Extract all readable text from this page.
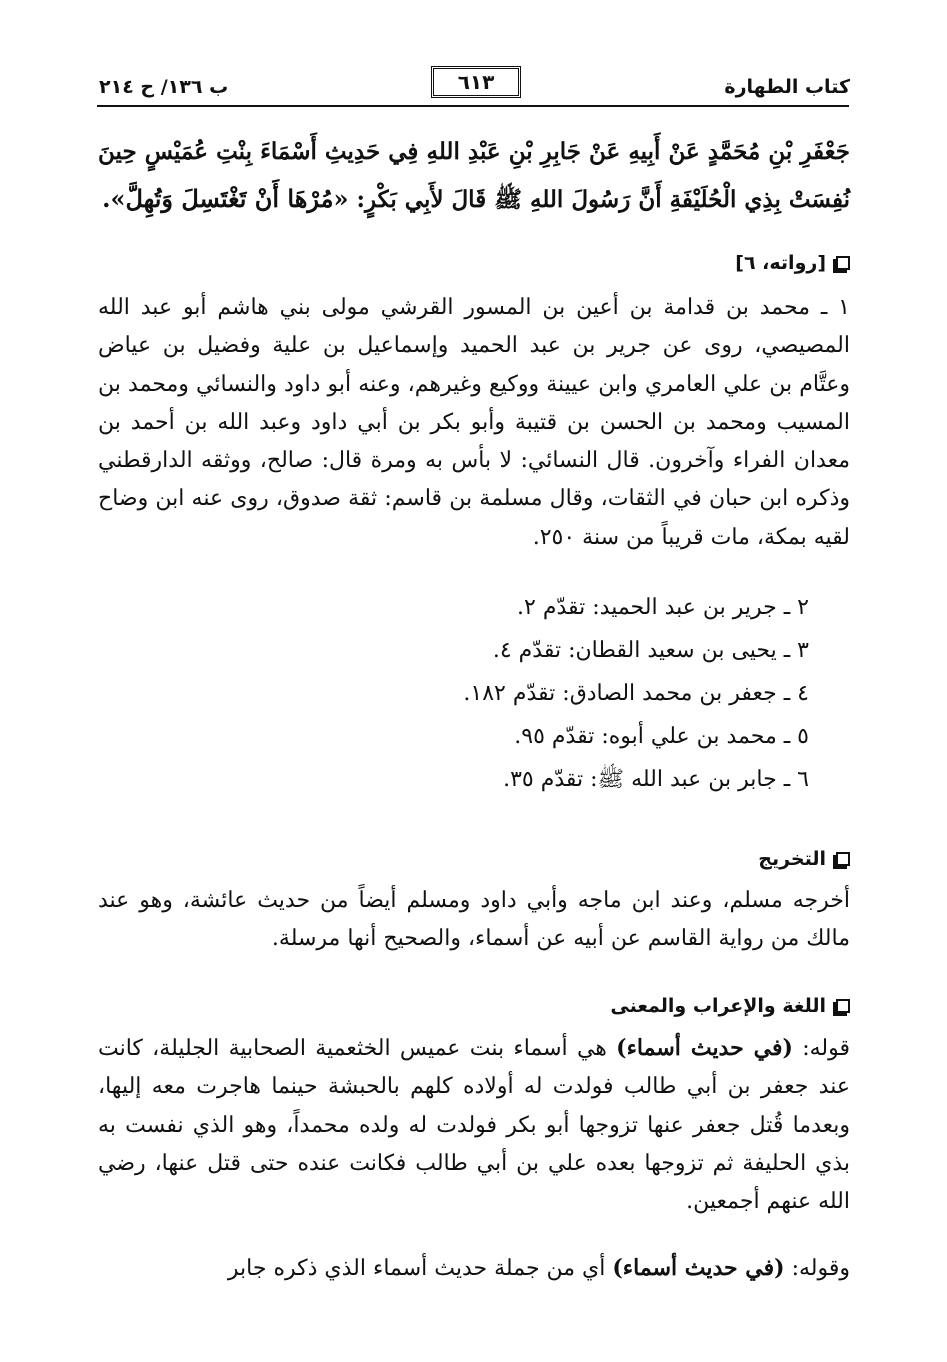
كتاب الطهارة
٦١٣
ب ١٣٦/ ح ٢١٤
جَعْفَرِ بْنِ مُحَمَّدٍ عَنْ أَبِيهِ عَنْ جَابِرِ بْنِ عَبْدِ اللهِ فِي حَدِيثِ أَسْمَاءَ بِنْتِ عُمَيْسٍ حِينَ نُفِسَتْ بِذِي الْحُلَيْفَةِ أَنَّ رَسُولَ اللهِ ﷺ قَالَ لأَبِي بَكْرٍ: «مُرْهَا أَنْ تَغْتَسِلَ وَتُهِلَّ».
[رواته، ٦]
١ ـ محمد بن قدامة بن أعين بن المسور القرشي مولى بني هاشم أبو عبد الله المصيصي، روى عن جرير بن عبد الحميد وإسماعيل بن علية وفضيل بن عياض وعتَّام بن علي العامري وابن عيينة ووكيع وغيرهم، وعنه أبو داود والنسائي ومحمد بن المسيب ومحمد بن الحسن بن قتيبة وأبو بكر بن أبي داود وعبد الله بن أحمد بن معدان الفراء وآخرون. قال النسائي: لا بأس به ومرة قال: صالح، ووثقه الدارقطني وذكره ابن حبان في الثقات، وقال مسلمة بن قاسم: ثقة صدوق، روى عنه ابن وضاح لقيه بمكة، مات قريباً من سنة ٢٥٠.
٢ ـ جرير بن عبد الحميد: تقدّم ٢.
٣ ـ يحيى بن سعيد القطان: تقدّم ٤.
٤ ـ جعفر بن محمد الصادق: تقدّم ١٨٢.
٥ ـ محمد بن علي أبوه: تقدّم ٩٥.
٦ ـ جابر بن عبد الله ﷺ: تقدّم ٣٥.
التخريج
أخرجه مسلم، وعند ابن ماجه وأبي داود ومسلم أيضاً من حديث عائشة، وهو عند مالك من رواية القاسم عن أبيه عن أسماء، والصحيح أنها مرسلة.
اللغة والإعراب والمعنى
قوله: (في حديث أسماء) هي أسماء بنت عميس الخثعمية الصحابية الجليلة، كانت عند جعفر بن أبي طالب فولدت له أولاده كلهم بالحبشة حينما هاجرت معه إليها، وبعدما قُتل جعفر عنها تزوجها أبو بكر فولدت له ولده محمداً، وهو الذي نفست به بذي الحليفة ثم تزوجها بعده علي بن أبي طالب فكانت عنده حتى قتل عنها، رضي الله عنهم أجمعين.
وقوله: (في حديث أسماء) أي من جملة حديث أسماء الذي ذكره جابر
